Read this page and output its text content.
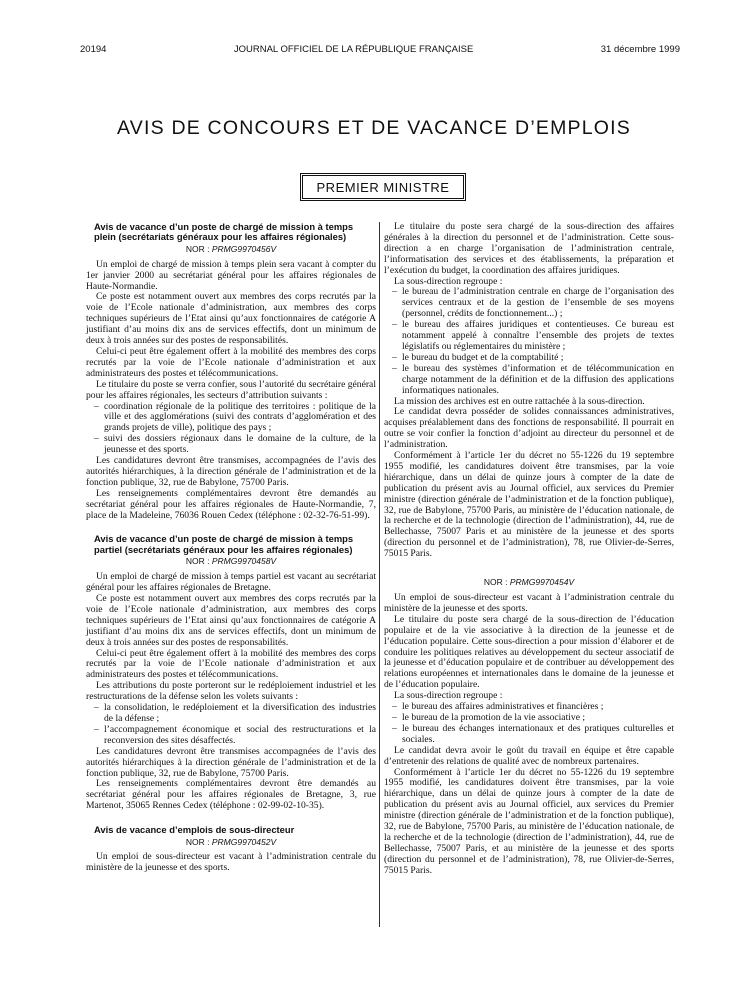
20194	JOURNAL OFFICIEL DE LA RÉPUBLIQUE FRANÇAISE	31 décembre 1999
AVIS DE CONCOURS ET DE VACANCE D’EMPLOIS
PREMIER MINISTRE
Avis de vacance d’un poste de chargé de mission à temps plein (secrétariats généraux pour les affaires régionales)
NOR : PRMG9970456V

Un emploi de chargé de mission à temps plein sera vacant à compter du 1er janvier 2000 au secrétariat général pour les affaires régionales de Haute-Normandie.

Ce poste est notamment ouvert aux membres des corps recrutés par la voie de l’Ecole nationale d’administration, aux membres des corps techniques supérieurs de l’Etat ainsi qu’aux fonctionnaires de catégorie A justifiant d’au moins dix ans de services effectifs, dont un minimum de deux à trois années sur des postes de responsabilités.

Celui-ci peut être également offert à la mobilité des membres des corps recrutés par la voie de l’Ecole nationale d’administration et aux administrateurs des postes et télécommunications.

Le titulaire du poste se verra confier, sous l’autorité du secrétaire général pour les affaires régionales, les secteurs d’attribution suivants :

– coordination régionale de la politique des territoires : politique de la ville et des agglomérations (suivi des contrats d’agglomération et des grands projets de ville), politique des pays ;
– suivi des dossiers régionaux dans le domaine de la culture, de la jeunesse et des sports.

Les candidatures devront être transmises, accompagnées de l’avis des autorités hiérarchiques, à la direction générale de l’administration et de la fonction publique, 32, rue de Babylone, 75700 Paris.

Les renseignements complémentaires devront être demandés au secrétariat général pour les affaires régionales de Haute-Normandie, 7, place de la Madeleine, 76036 Rouen Cedex (téléphone : 02-32-76-51-99).

Avis de vacance d’un poste de chargé de mission à temps partiel (secrétariats généraux pour les affaires régionales)
NOR : PRMG9970458V

Un emploi de chargé de mission à temps partiel est vacant au secrétariat général pour les affaires régionales de Bretagne.

Ce poste est notamment ouvert aux membres des corps recrutés par la voie de l’Ecole nationale d’administration, aux membres des corps techniques supérieurs de l’Etat ainsi qu’aux fonctionnaires de catégorie A justifiant d’au moins dix ans de services effectifs, dont un minimum de deux à trois années sur des postes de responsabilités.

Celui-ci peut être également offert à la mobilité des membres des corps recrutés par la voie de l’Ecole nationale d’administration et aux administrateurs des postes et télécommunications.

Les attributions du poste porteront sur le redéploiement industriel et les restructurations de la défense selon les volets suivants :

– la consolidation, le redéploiement et la diversification des industries de la défense ;
– l’accompagnement économique et social des restructurations et la reconversion des sites désaffectés.

Les candidatures devront être transmises accompagnées de l’avis des autorités hiérarchiques à la direction générale de l’administration et de la fonction publique, 32, rue de Babylone, 75700 Paris.

Les renseignements complémentaires devront être demandés au secrétariat général pour les affaires régionales de Bretagne, 3, rue Martenot, 35065 Rennes Cedex (téléphone : 02-99-02-10-35).

Avis de vacance d’emplois de sous-directeur
NOR : PRMG9970452V

Un emploi de sous-directeur est vacant à l’administration centrale du ministère de la jeunesse et des sports.

Le titulaire du poste sera chargé de la sous-direction des affaires générales à la direction du personnel et de l’administration. Cette sous-direction a en charge l’organisation de l’administration centrale, l’informatisation des services et des établissements, la préparation et l’exécution du budget, la coordination des affaires juridiques.

La sous-direction regroupe :

– le bureau de l’administration centrale en charge de l’organisation des services centraux et de la gestion de l’ensemble de ses moyens (personnel, crédits de fonctionnement...) ;
– le bureau des affaires juridiques et contentieuses. Ce bureau est notamment appelé à connaître l’ensemble des projets de textes législatifs ou réglementaires du ministère ;
– le bureau du budget et de la comptabilité ;
– le bureau des systèmes d’information et de télécommunication en charge notamment de la définition et de la diffusion des applications informatiques nationales.

La mission des archives est en outre rattachée à la sous-direction.

Le candidat devra posséder de solides connaissances administratives, acquises préalablement dans des fonctions de responsabilité. Il pourrait en outre se voir confier la fonction d’adjoint au directeur du personnel et de l’administration.

Conformément à l’article 1er du décret no 55-1226 du 19 septembre 1955 modifié, les candidatures doivent être transmises, par la voie hiérarchique, dans un délai de quinze jours à compter de la date de publication du présent avis au Journal officiel, aux services du Premier ministre (direction générale de l’administration et de la fonction publique), 32, rue de Babylone, 75700 Paris, au ministère de l’éducation nationale, de la recherche et de la technologie (direction de l’administration), 44, rue de Bellechasse, 75007 Paris et au ministère de la jeunesse et des sports (direction du personnel et de l’administration), 78, rue Olivier-de-Serres, 75015 Paris.

NOR : PRMG9970454V

Un emploi de sous-directeur est vacant à l’administration centrale du ministère de la jeunesse et des sports.

Le titulaire du poste sera chargé de la sous-direction de l’éducation populaire et de la vie associative à la direction de la jeunesse et de l’éducation populaire. Cette sous-direction a pour mission d’élaborer et de conduire les politiques relatives au développement du secteur associatif de la jeunesse et d’éducation populaire et de contribuer au développement des relations européennes et internationales dans le domaine de la jeunesse et de l’éducation populaire.

La sous-direction regroupe :

– le bureau des affaires administratives et financières ;
– le bureau de la promotion de la vie associative ;
– le bureau des échanges internationaux et des pratiques culturelles et sociales.

Le candidat devra avoir le goût du travail en équipe et être capable d’entretenir des relations de qualité avec de nombreux partenaires.

Conformément à l’article 1er du décret no 55-1226 du 19 septembre 1955 modifié, les candidatures doivent être transmises, par la voie hiérarchique, dans un délai de quinze jours à compter de la date de publication du présent avis au Journal officiel, aux services du Premier ministre (direction générale de l’administration et de la fonction publique), 32, rue de Babylone, 75700 Paris, au ministère de l’éducation nationale, de la recherche et de la technologie (direction de l’administration), 44, rue de Bellechasse, 75007 Paris, et au ministère de la jeunesse et des sports (direction du personnel et de l’administration), 78, rue Olivier-de-Serres, 75015 Paris.
